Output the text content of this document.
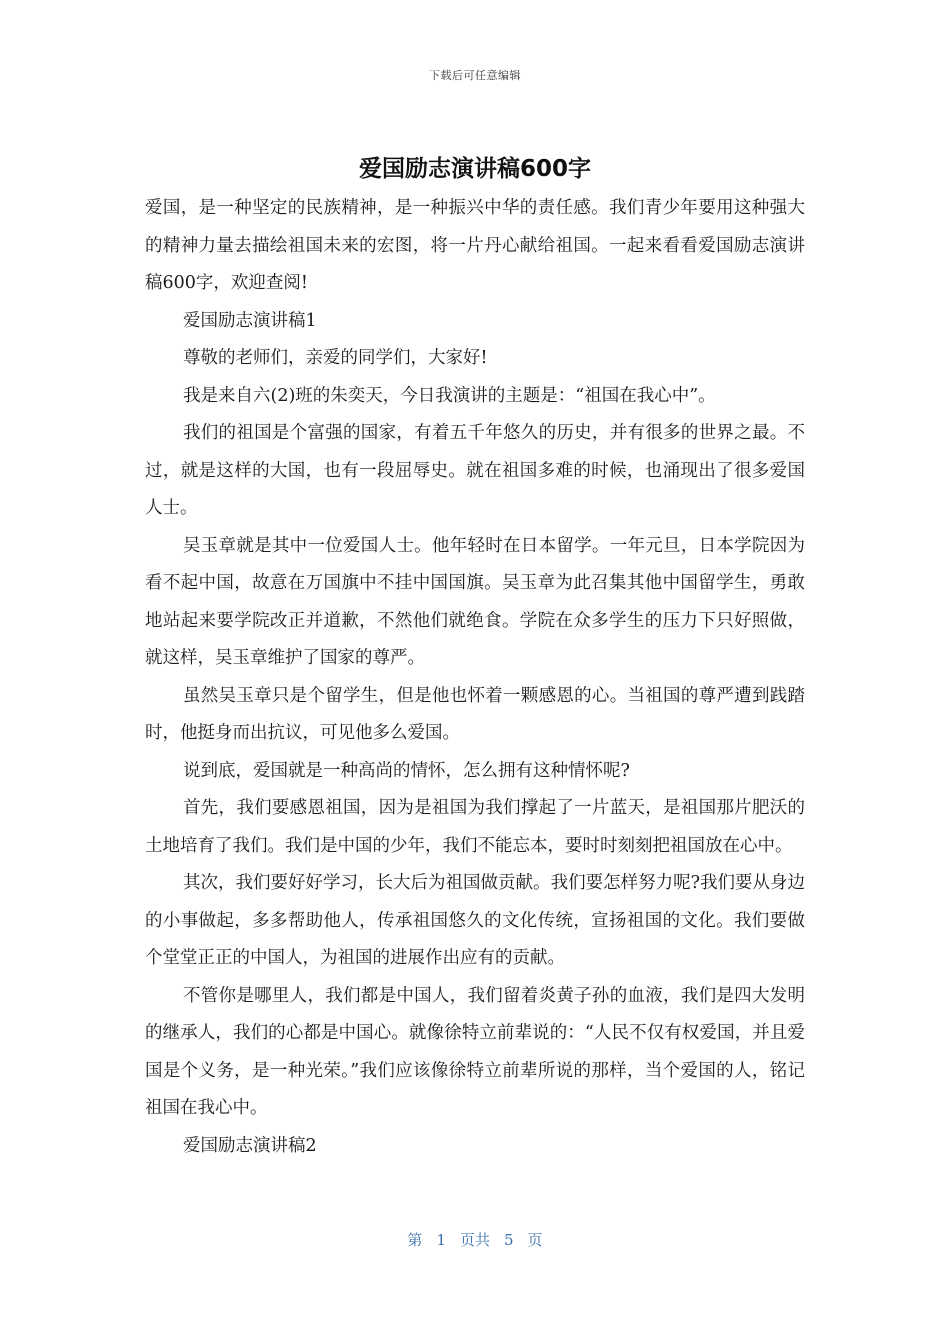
下载后可任意编辑
爱国励志演讲稿600字

爱国，是一种坚定的民族精神，是一种振兴中华的责任感。我们青少年要用这种强大的精神力量去描绘祖国未来的宏图，将一片丹心献给祖国。一起来看看爱国励志演讲稿600字，欢迎查阅!

爱国励志演讲稿1

尊敬的老师们，亲爱的同学们，大家好!

我是来自六(2)班的朱奕天，今日我演讲的主题是：“祖国在我心中”。

我们的祖国是个富强的国家，有着五千年悠久的历史，并有很多的世界之最。不过，就是这样的大国，也有一段屈辱史。就在祖国多难的时候，也涌现出了很多爱国人士。

吴玉章就是其中一位爱国人士。他年轻时在日本留学。一年元旦，日本学院因为看不起中国，故意在万国旗中不挂中国国旗。吴玉章为此召集其他中国留学生，勇敢地站起来要学院改正并道歉，不然他们就绝食。学院在众多学生的压力下只好照做，就这样，吴玉章维护了国家的尊严。

虽然吴玉章只是个留学生，但是他也怀着一颗感恩的心。当祖国的尊严遭到践踏时，他挺身而出抗议，可见他多么爱国。

说到底，爱国就是一种高尚的情怀，怎么拥有这种情怀呢?

首先，我们要感恩祖国，因为是祖国为我们撑起了一片蓝天，是祖国那片肥沃的土地培育了我们。我们是中国的少年，我们不能忘本，要时时刻刻把祖国放在心中。

其次，我们要好好学习，长大后为祖国做贡献。我们要怎样努力呢?我们要从身边的小事做起，多多帮助他人，传承祖国悠久的文化传统，宣扬祖国的文化。我们要做个堂堂正正的中国人，为祖国的进展作出应有的贡献。

不管你是哪里人，我们都是中国人，我们留着炎黄子孙的血液，我们是四大发明的继承人，我们的心都是中国心。就像徐特立前辈说的：“人民不仅有权爱国，并且爱国是个义务，是一种光荣。”我们应该像徐特立前辈所说的那样，当个爱国的人，铭记祖国在我心中。

爱国励志演讲稿2

第 1 页共 5 页
